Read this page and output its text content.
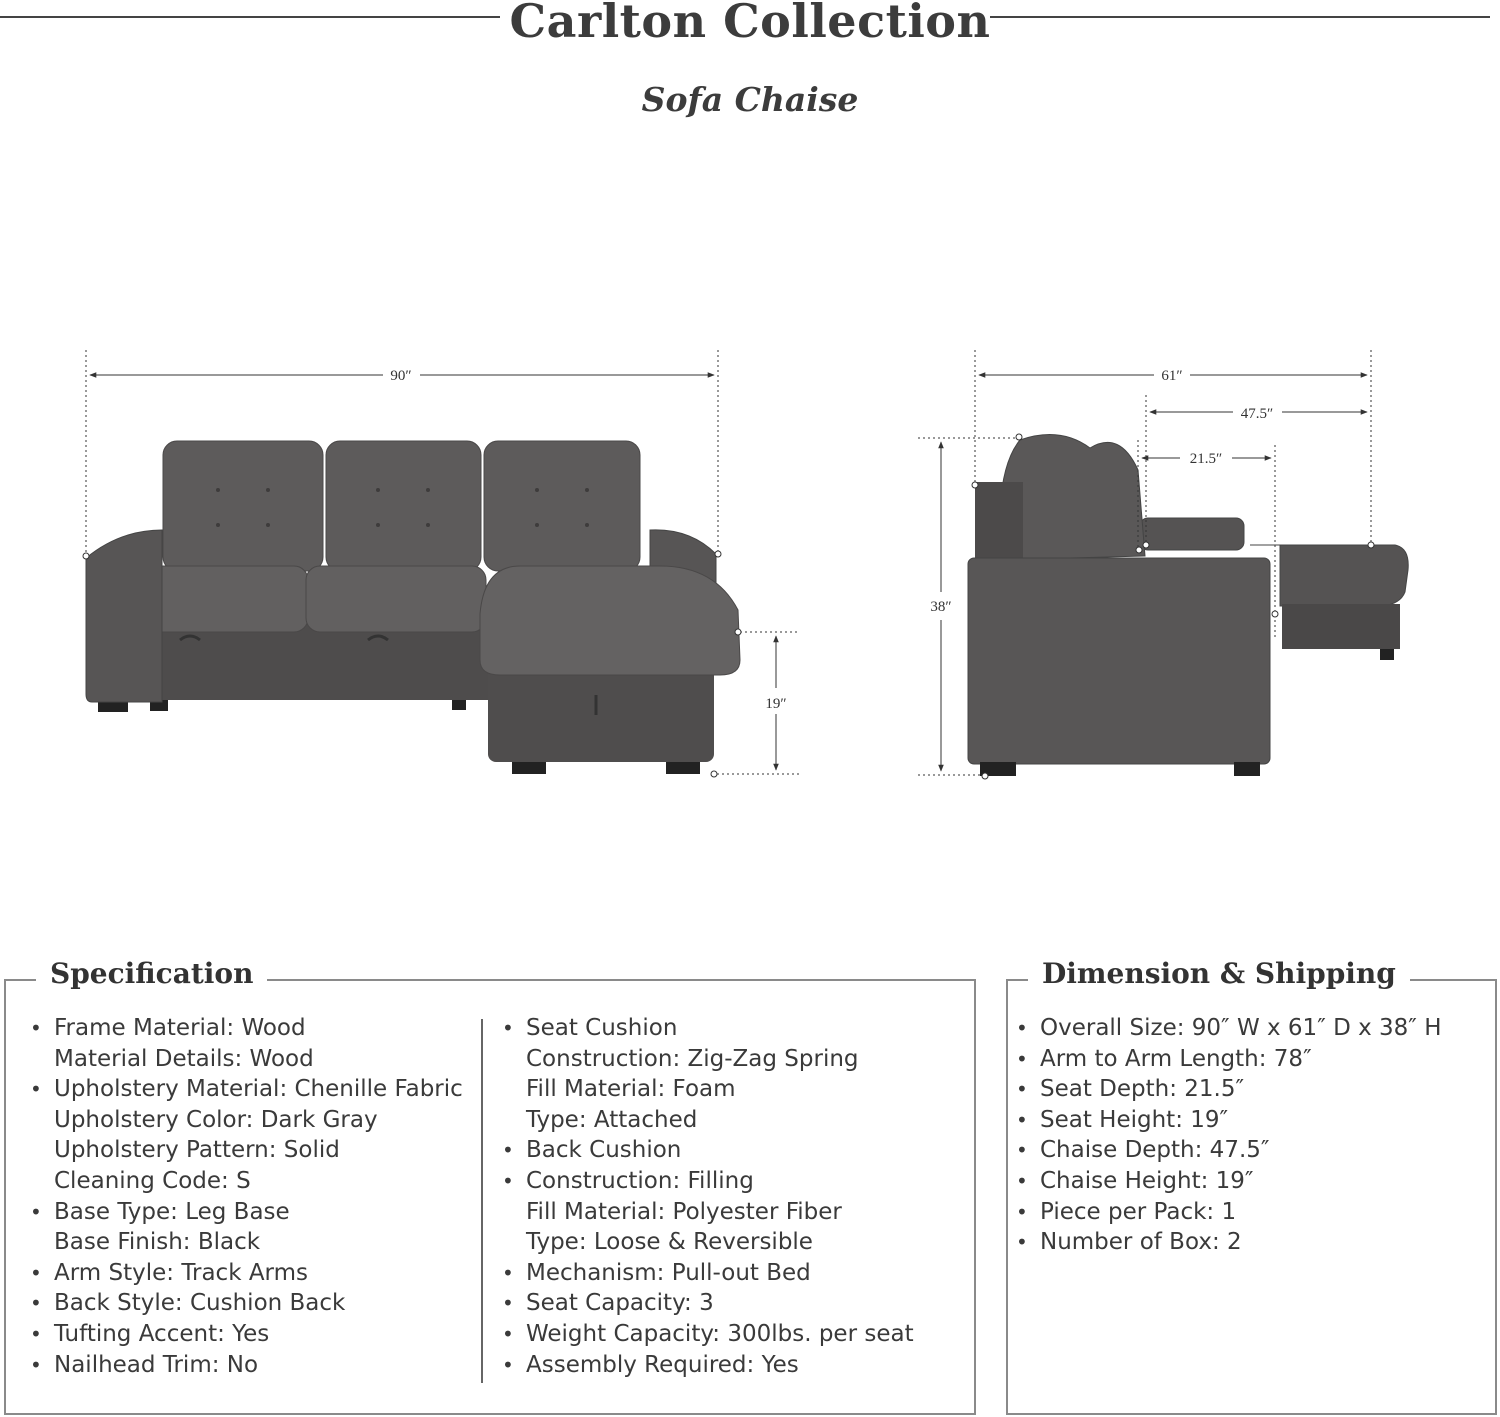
Carlton Collection
Sofa Chaise
90″
19″
61″
47.5″
21.5″
38″
Specification
• Frame Material: Wood
Material Details: Wood
• Upholstery Material: Chenille Fabric
Upholstery Color: Dark Gray
Upholstery Pattern: Solid
Cleaning Code: S
• Base Type: Leg Base
Base Finish: Black
• Arm Style: Track Arms
• Back Style: Cushion Back
• Tufting Accent: Yes
• Nailhead Trim: No
• Seat Cushion
Construction: Zig-Zag Spring
Fill Material: Foam
Type: Attached
• Back Cushion
• Construction: Filling
Fill Material: Polyester Fiber
Type: Loose & Reversible
• Mechanism: Pull-out Bed
• Seat Capacity: 3
• Weight Capacity: 300lbs. per seat
• Assembly Required: Yes
Dimension & Shipping
• Overall Size: 90″ W x 61″ D x 38″ H
• Arm to Arm Length: 78″
• Seat Depth: 21.5″
• Seat Height: 19″
• Chaise Depth: 47.5″
• Chaise Height: 19″
• Piece per Pack: 1
• Number of Box: 2
